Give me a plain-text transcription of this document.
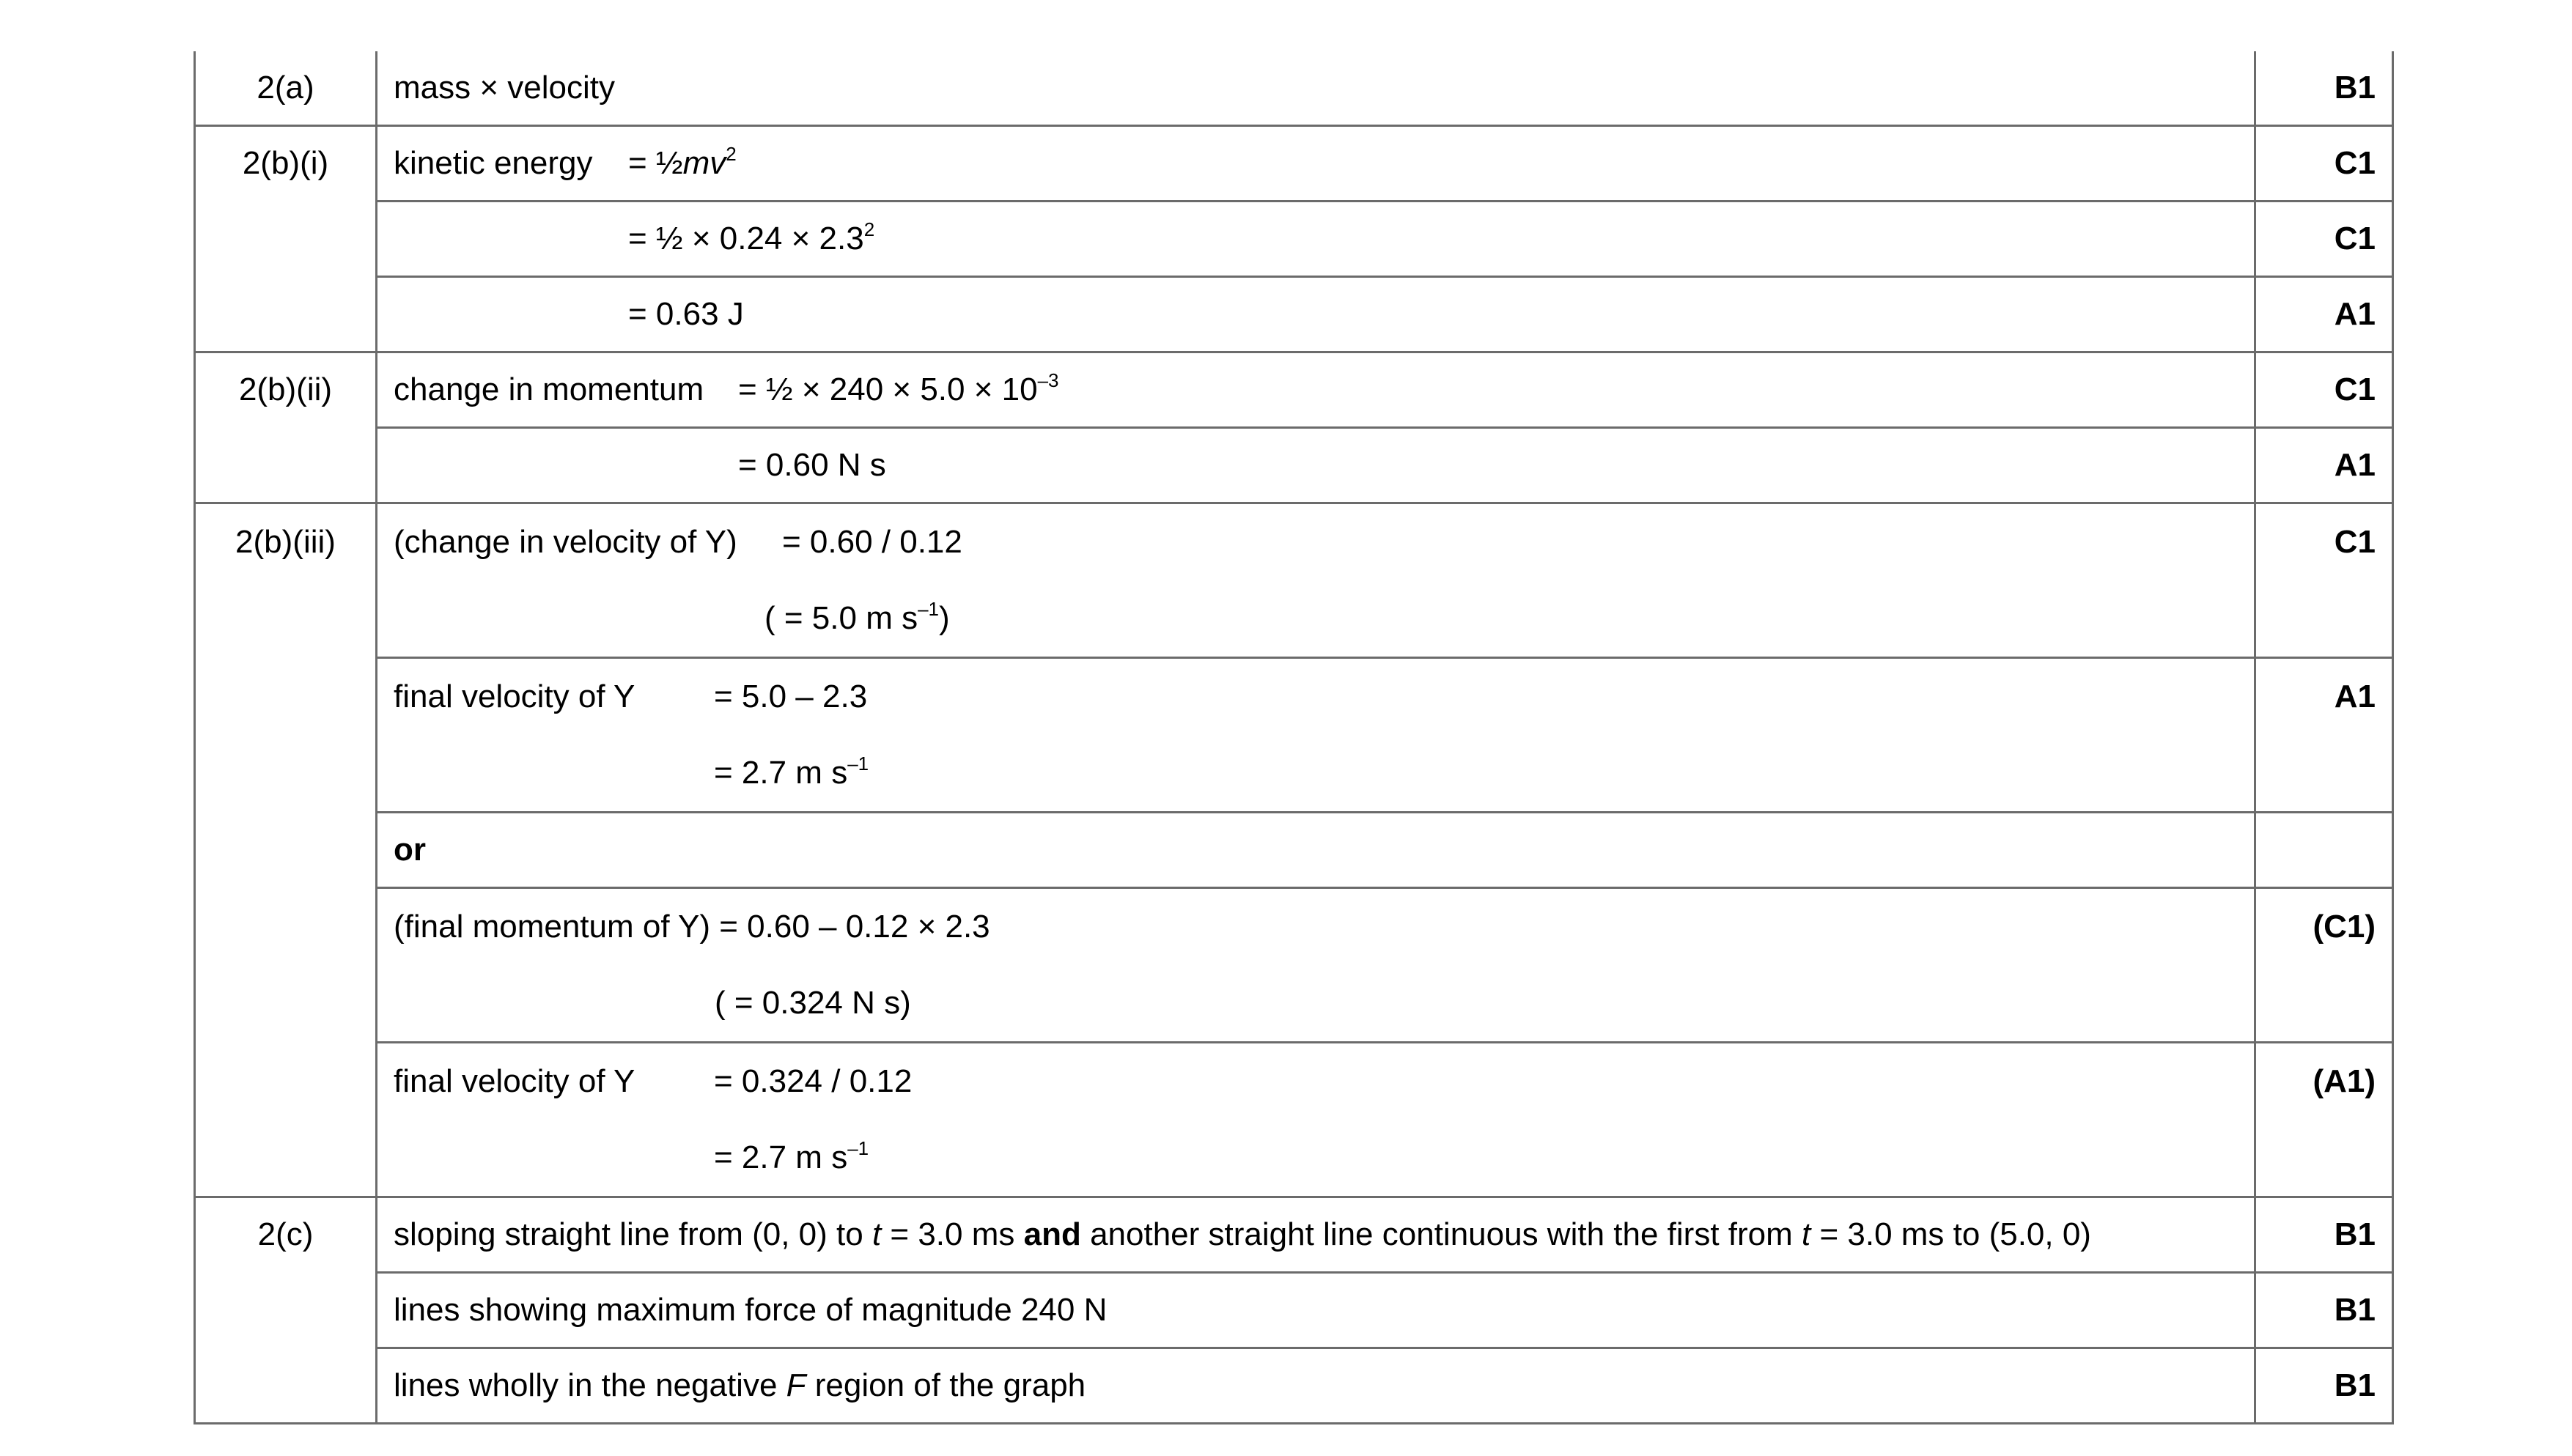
2(a)	mass × velocity	B1
2(b)(i)	kinetic energy = $\frac{1}{2}mv^2$	C1

	= ½ × $0.24 \times 2.3^2$	C1

	= 0.63 J	A1
2(b)(ii)	change in momentum = ½ × $240 \times 5.0 \times 10^{-3}$	C1

	= 0.60 N s	A1
2(b)(iii)	(change in velocity of Y) = 0.60 / 0.12
( = 5.0 m $s^{-1}$)	C1

	final velocity of Y = 5.0 – 2.3
= 2.7 m $s^{-1}$	A1

	or	

	(final momentum of Y) = 0.60 – 0.12 × 2.3
( = 0.324 N s)	(C1)

	final velocity of Y = 0.324 / 0.12
= 2.7 m $s^{-1}$	(A1)
2(c)	sloping straight line from (0, 0) to t = 3.0 ms and another straight line continuous with the first from t = 3.0 ms to (5.0, 0)	B1

	lines showing maximum force of magnitude 240 N	B1

	lines wholly in the negative F region of the graph	B1
